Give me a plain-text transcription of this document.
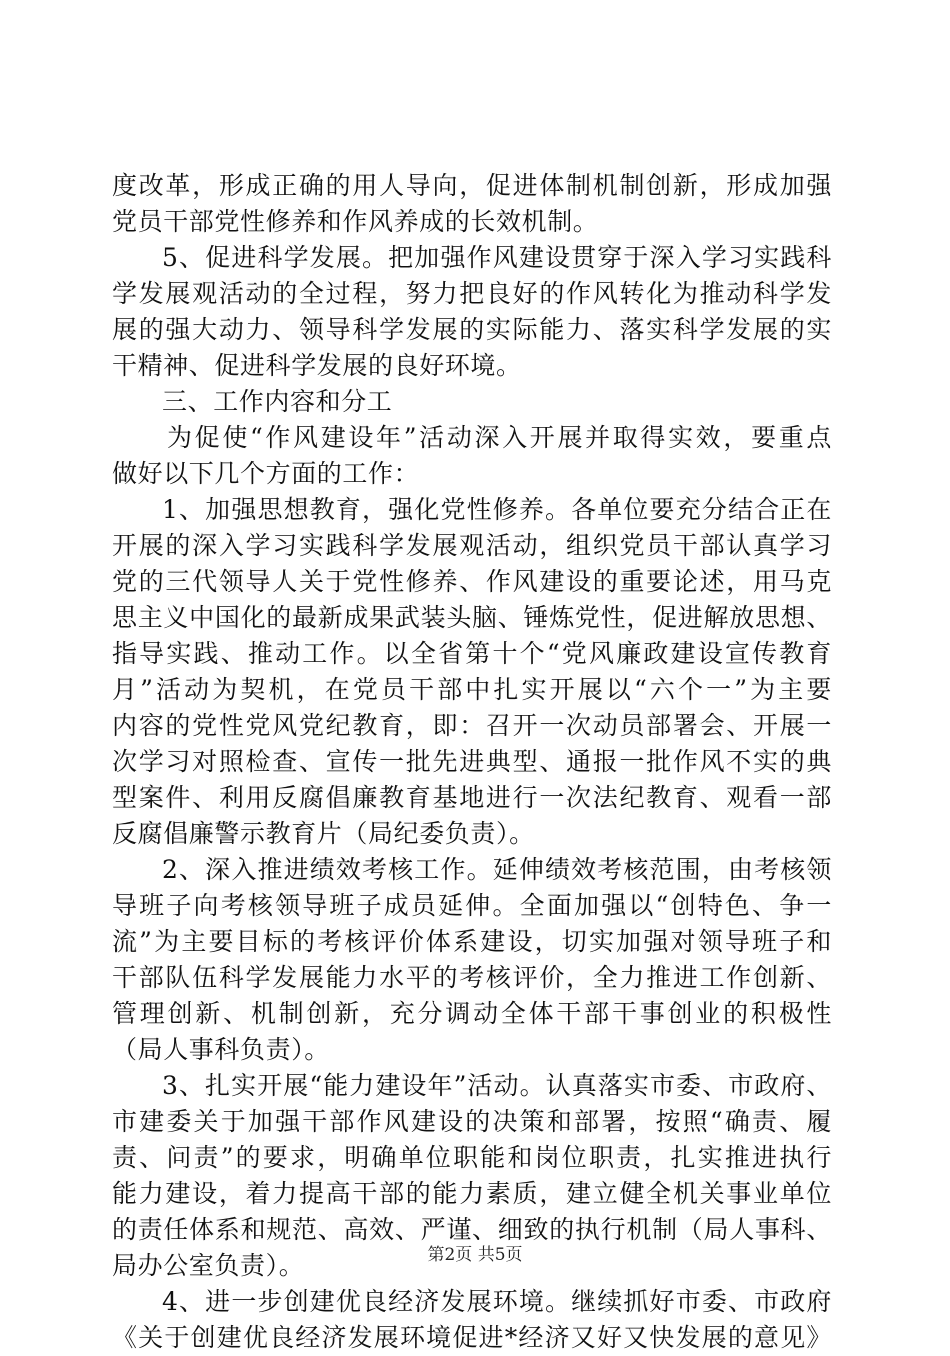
度改革，形成正确的用人导向，促进体制机制创新，形成加强
党员干部党性修养和作风养成的长效机制。
5、促进科学发展。把加强作风建设贯穿于深入学习实践科
学发展观活动的全过程，努力把良好的作风转化为推动科学发
展的强大动力、领导科学发展的实际能力、落实科学发展的实
干精神、促进科学发展的良好环境。
三、工作内容和分工
为促使“作风建设年”活动深入开展并取得实效，要重点
做好以下几个方面的工作：
1、加强思想教育，强化党性修养。各单位要充分结合正在
开展的深入学习实践科学发展观活动，组织党员干部认真学习
党的三代领导人关于党性修养、作风建设的重要论述，用马克
思主义中国化的最新成果武装头脑、锤炼党性，促进解放思想、
指导实践、推动工作。以全省第十个“党风廉政建设宣传教育
月”活动为契机，在党员干部中扎实开展以“六个一”为主要
内容的党性党风党纪教育，即：召开一次动员部署会、开展一
次学习对照检查、宣传一批先进典型、通报一批作风不实的典
型案件、利用反腐倡廉教育基地进行一次法纪教育、观看一部
反腐倡廉警示教育片（局纪委负责）。
2、深入推进绩效考核工作。延伸绩效考核范围，由考核领
导班子向考核领导班子成员延伸。全面加强以“创特色、争一
流”为主要目标的考核评价体系建设，切实加强对领导班子和
干部队伍科学发展能力水平的考核评价，全力推进工作创新、
管理创新、机制创新，充分调动全体干部干事创业的积极性
（局人事科负责）。
3、扎实开展“能力建设年”活动。认真落实市委、市政府、
市建委关于加强干部作风建设的决策和部署，按照“确责、履
责、问责”的要求，明确单位职能和岗位职责，扎实推进执行
能力建设，着力提高干部的能力素质，建立健全机关事业单位
的责任体系和规范、高效、严谨、细致的执行机制（局人事科、
局办公室负责）。
4、进一步创建优良经济发展环境。继续抓好市委、市政府
《关于创建优良经济发展环境促进*经济又好又快发展的意见》
第2页 共5页
